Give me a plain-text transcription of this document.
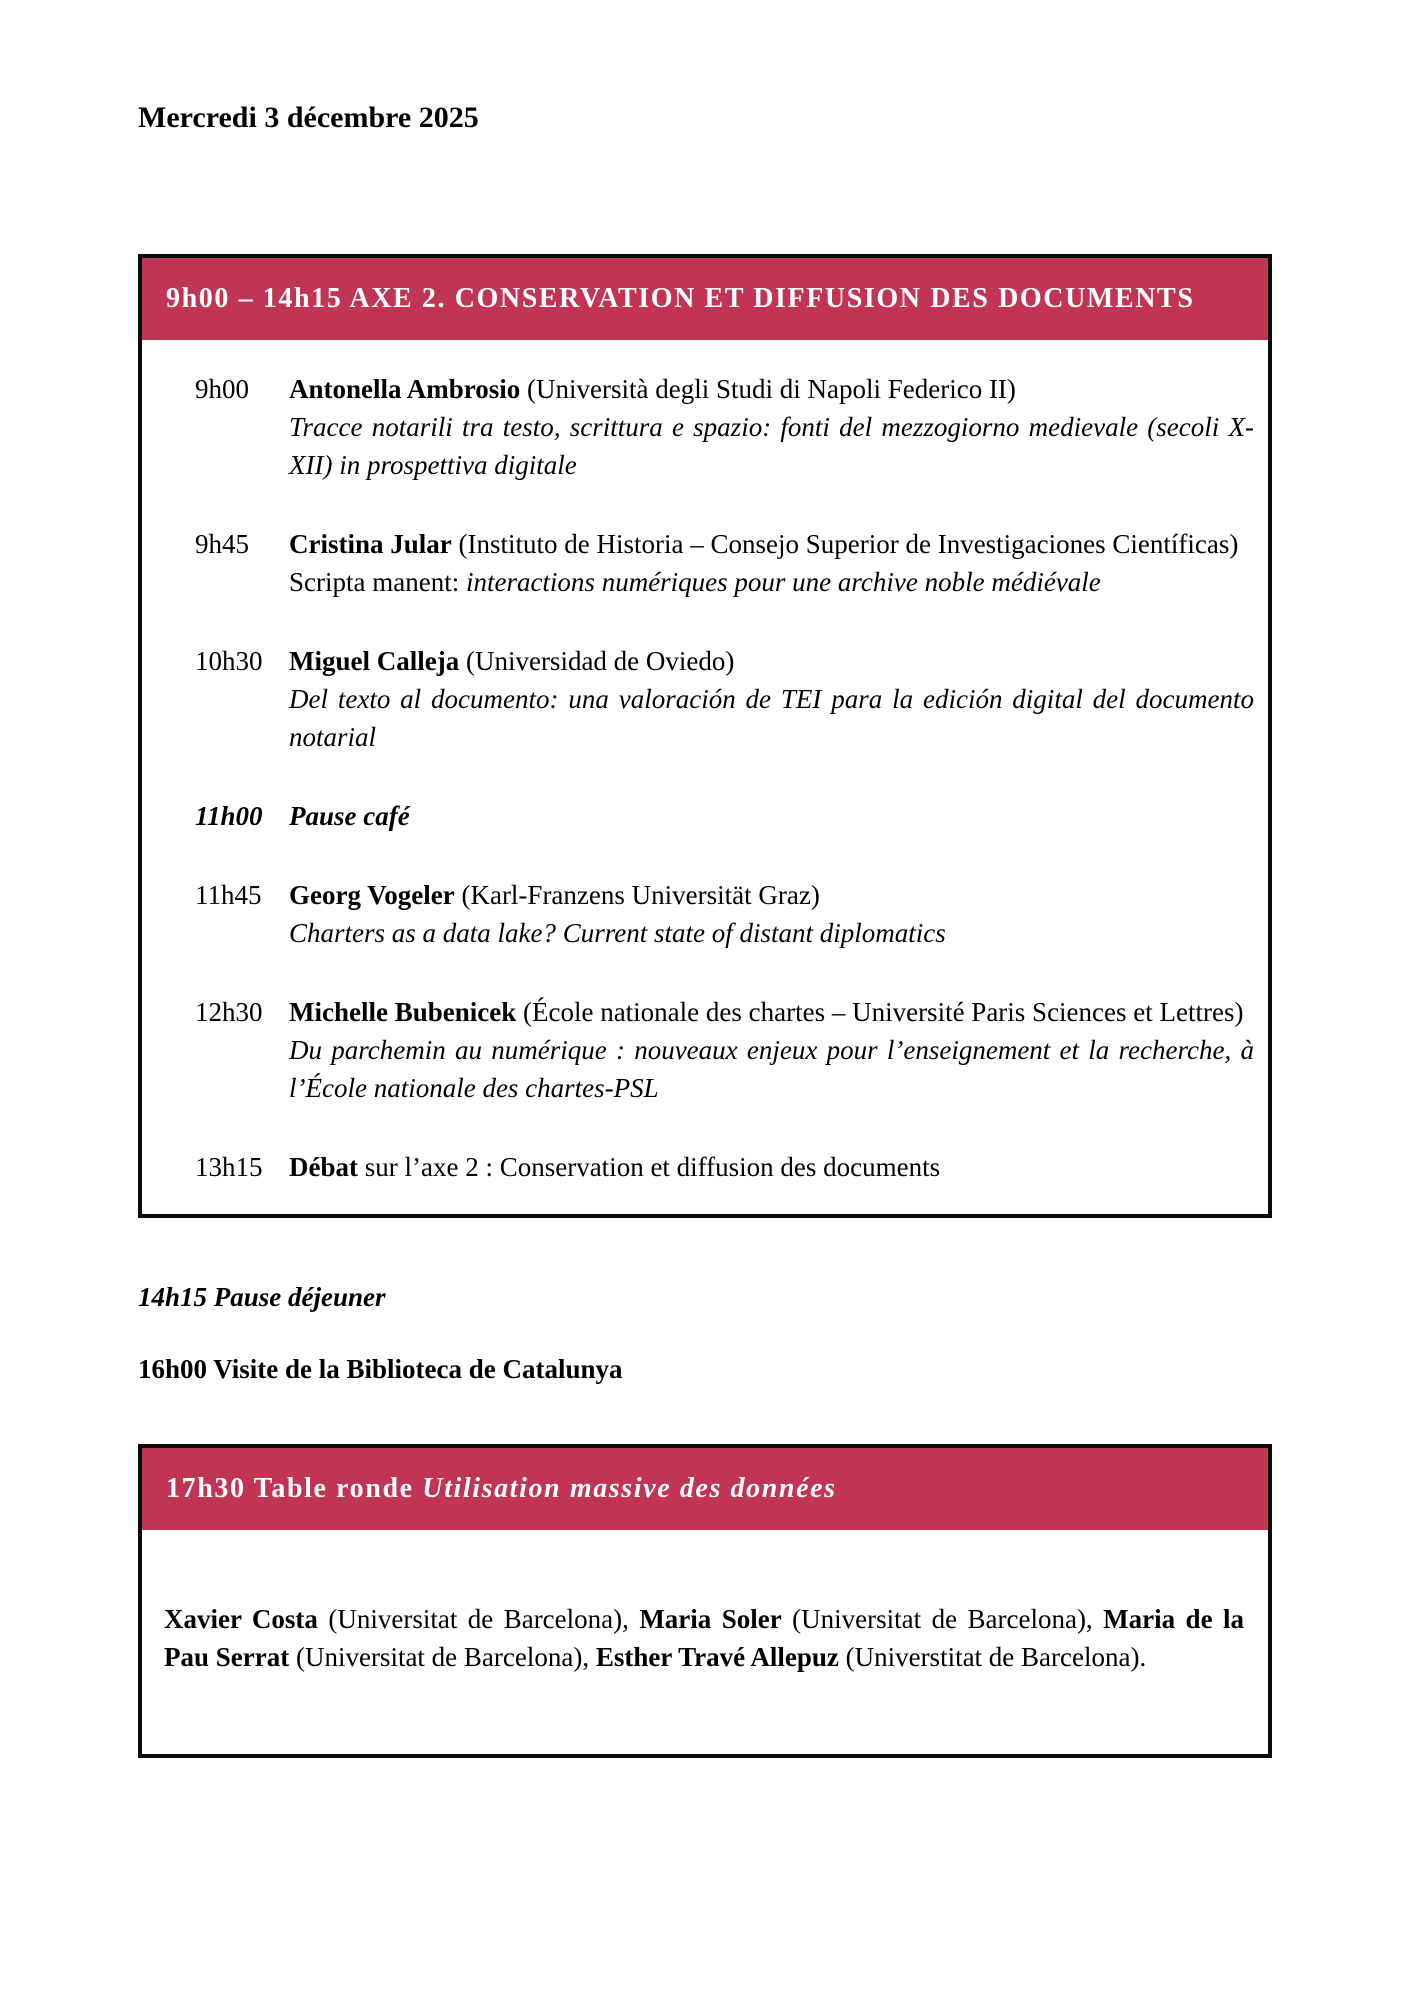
Mercredi 3 décembre 2025
9h00 – 14h15 AXE 2. CONSERVATION ET DIFFUSION DES DOCUMENTS
9h00	Antonella Ambrosio (Università degli Studi di Napoli Federico II)
Tracce notarili tra testo, scrittura e spazio: fonti del mezzogiorno medievale (secoli X-XII) in prospettiva digitale
9h45	Cristina Jular (Instituto de Historia – Consejo Superior de Investigaciones Científicas)
Scripta manent: interactions numériques pour une archive noble médiévale
10h30 Miguel Calleja (Universidad de Oviedo)
Del texto al documento: una valoración de TEI para la edición digital del documento notarial
11h00 Pause café
11h45	Georg Vogeler (Karl-Franzens Universität Graz)
Charters as a data lake? Current state of distant diplomatics
12h30 Michelle Bubenicek (École nationale des chartes – Université Paris Sciences et Lettres)
Du parchemin au numérique : nouveaux enjeux pour l’enseignement et la recherche, à l’École nationale des chartes-PSL
13h15 Débat sur l’axe 2 : Conservation et diffusion des documents

14h15 Pause déjeuner

16h00 Visite de la Biblioteca de Catalunya

17h30 Table ronde Utilisation massive des données

Xavier Costa (Universitat de Barcelona), Maria Soler (Universitat de Barcelona), Maria de la Pau Serrat (Universitat de Barcelona), Esther Travé Allepuz (Universtitat de Barcelona).
